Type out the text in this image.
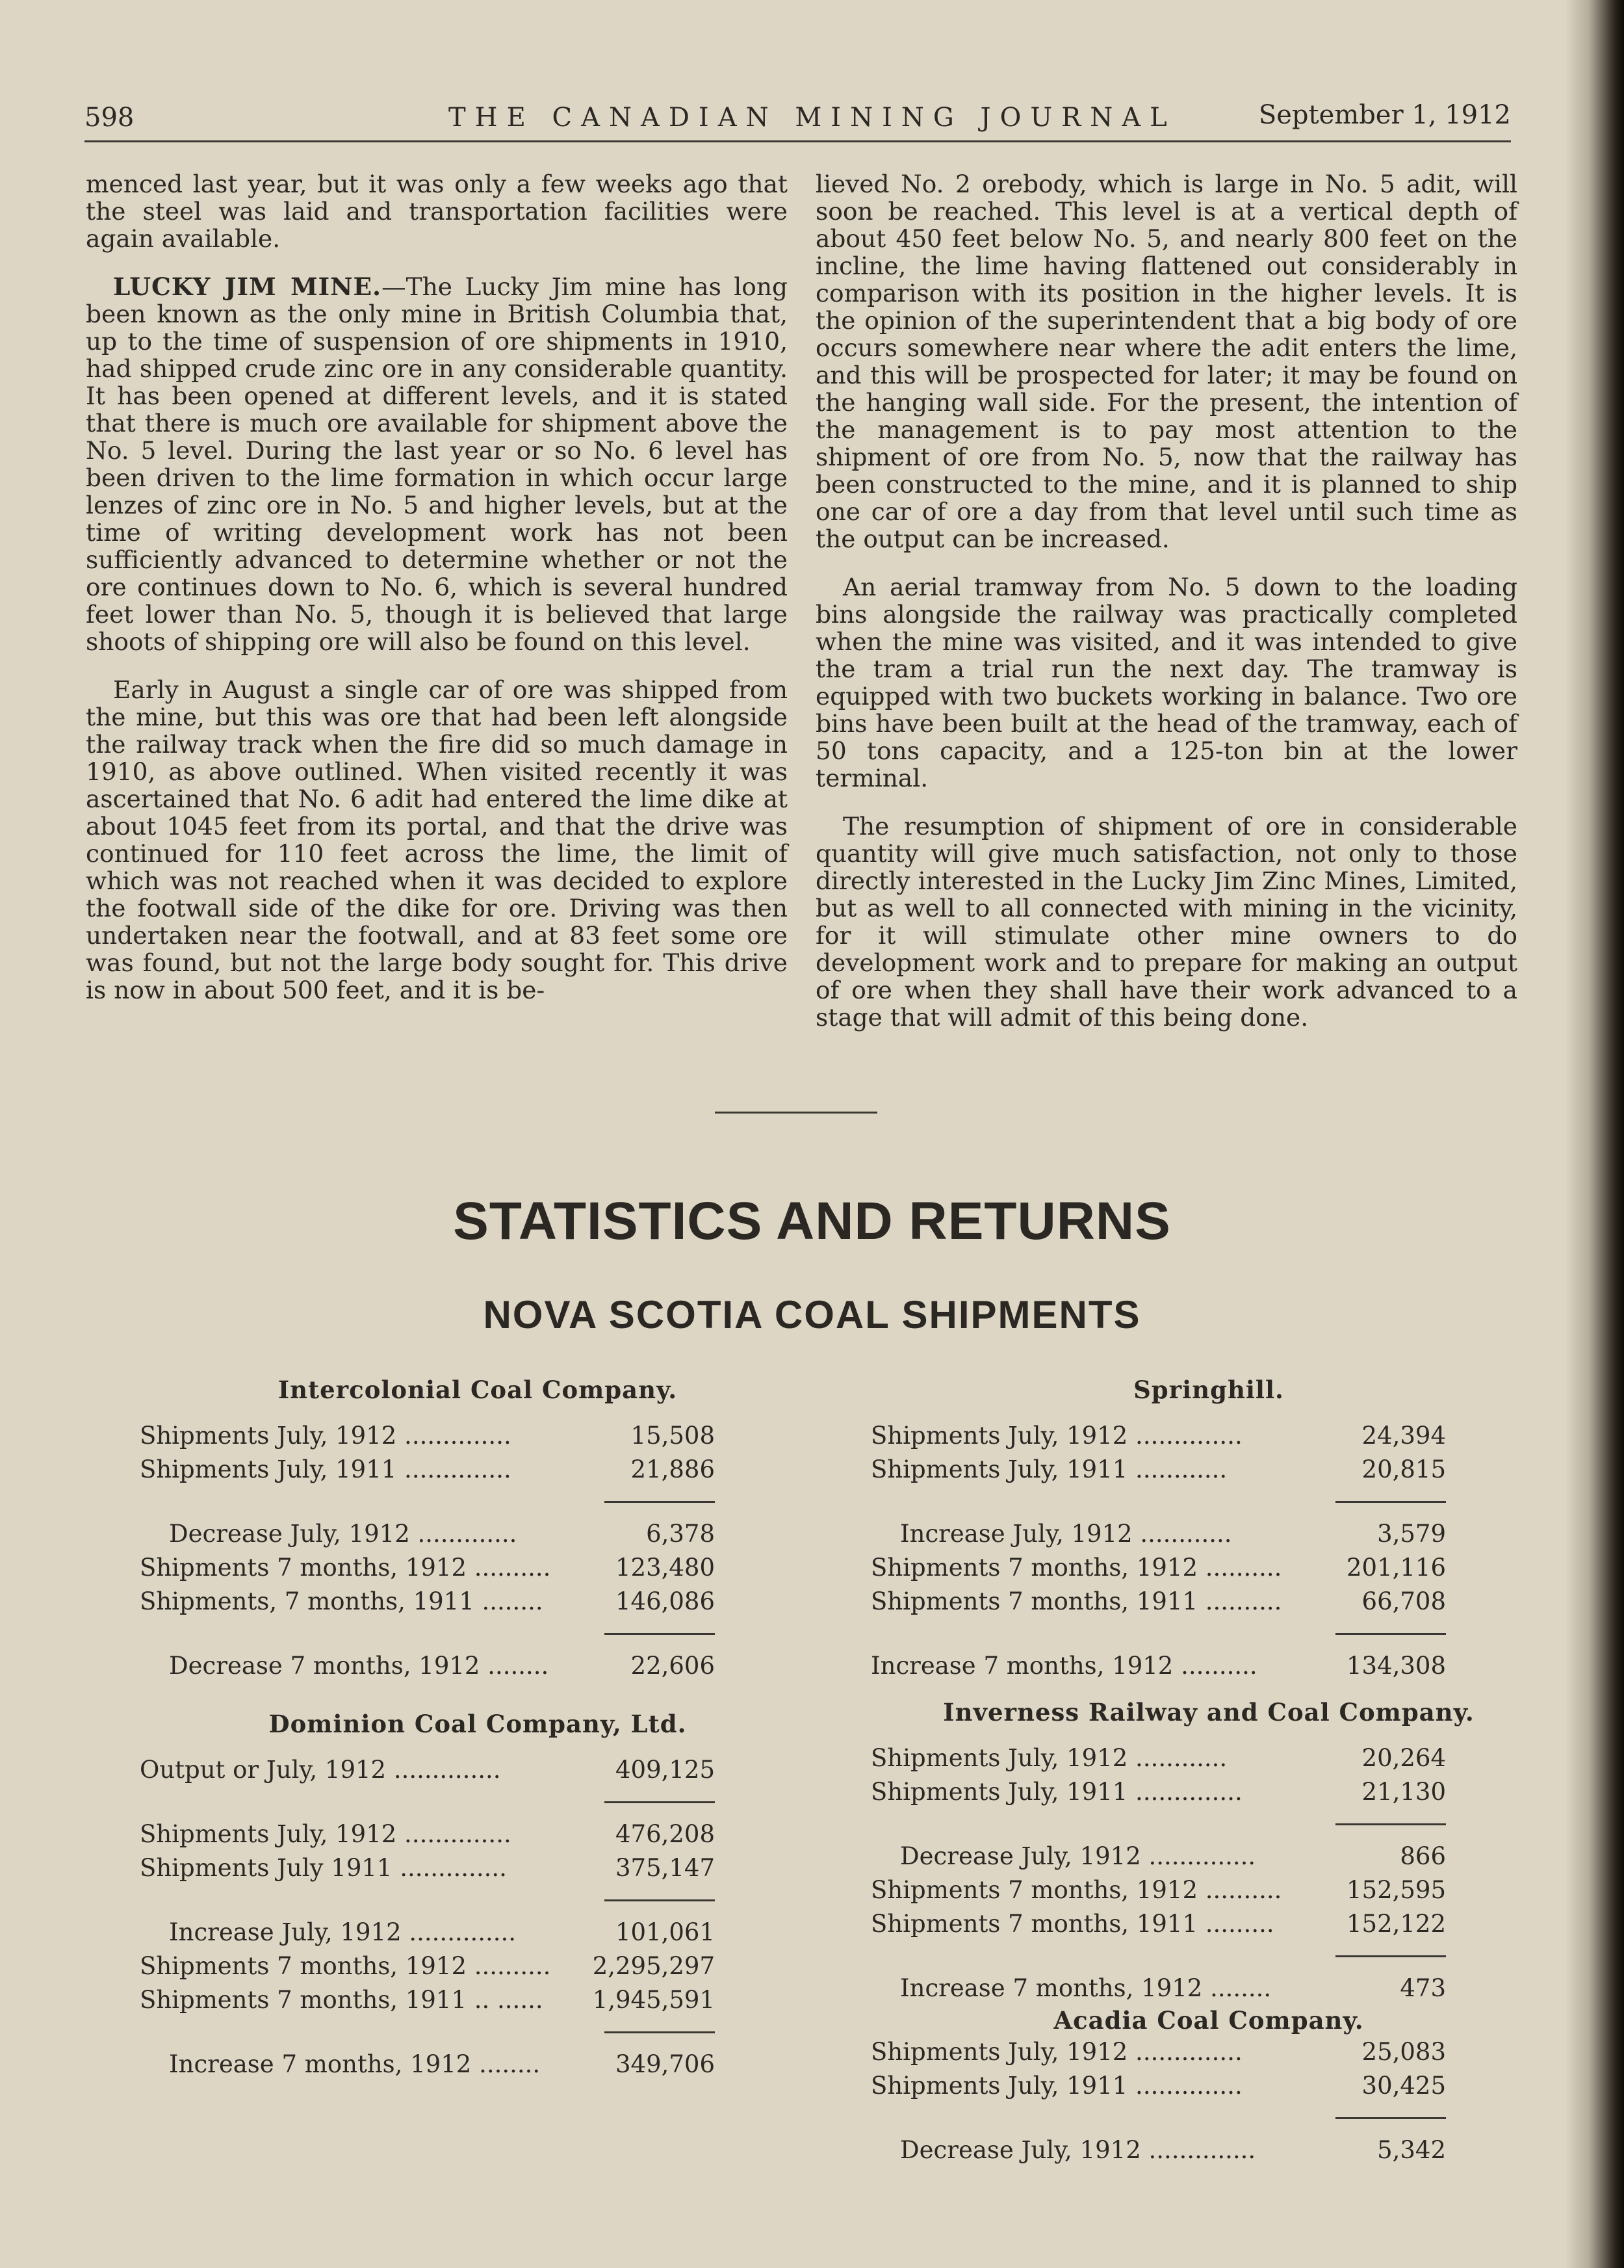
598	THE CANADIAN MINING JOURNAL	September 1, 1912

menced last year, but it was only a few weeks ago that the steel was laid and transportation facilities were again available.

LUCKY JIM MINE.—The Lucky Jim mine has long been known as the only mine in British Columbia that, up to the time of suspension of ore shipments in 1910, had shipped crude zinc ore in any considerable quantity. It has been opened at different levels, and it is stated that there is much ore available for shipment above the No. 5 level. During the last year or so No. 6 level has been driven to the lime formation in which occur large lenzes of zinc ore in No. 5 and higher levels, but at the time of writing development work has not been sufficiently advanced to determine whether or not the ore continues down to No. 6, which is several hundred feet lower than No. 5, though it is believed that large shoots of shipping ore will also be found on this level.

Early in August a single car of ore was shipped from the mine, but this was ore that had been left alongside the railway track when the fire did so much damage in 1910, as above outlined. When visited recently it was ascertained that No. 6 adit had entered the lime dike at about 1045 feet from its portal, and that the drive was continued for 110 feet across the lime, the limit of which was not reached when it was decided to explore the footwall side of the dike for ore. Driving was then undertaken near the footwall, and at 83 feet some ore was found, but not the large body sought for. This drive is now in about 500 feet, and it is be-

lieved No. 2 orebody, which is large in No. 5 adit, will soon be reached. This level is at a vertical depth of about 450 feet below No. 5, and nearly 800 feet on the incline, the lime having flattened out considerably in comparison with its position in the higher levels. It is the opinion of the superintendent that a big body of ore occurs somewhere near where the adit enters the lime, and this will be prospected for later; it may be found on the hanging wall side. For the present, the intention of the management is to pay most attention to the shipment of ore from No. 5, now that the railway has been constructed to the mine, and it is planned to ship one car of ore a day from that level until such time as the output can be increased.

An aerial tramway from No. 5 down to the loading bins alongside the railway was practically completed when the mine was visited, and it was intended to give the tram a trial run the next day. The tramway is equipped with two buckets working in balance. Two ore bins have been built at the head of the tramway, each of 50 tons capacity, and a 125-ton bin at the lower terminal.

The resumption of shipment of ore in considerable quantity will give much satisfaction, not only to those directly interested in the Lucky Jim Zinc Mines, Limited, but as well to all connected with mining in the vicinity, for it will stimulate other mine owners to do development work and to prepare for making an output of ore when they shall have their work advanced to a stage that will admit of this being done.

STATISTICS AND RETURNS
NOVA SCOTIA COAL SHIPMENTS
Intercolonial Coal Company.
Shipments July, 1912 ..............	15,508
Shipments July, 1911 ..............	21,886
Decrease July, 1912 .............	6,378
Shipments 7 months, 1912 ..........	123,480
Shipments, 7 months, 1911 ........	146,086
Decrease 7 months, 1912 ........	22,606
Dominion Coal Company, Ltd.
Output or July, 1912 ..............	409,125
Shipments July, 1912 ..............	476,208
Shipments July 1911 ..............	375,147
Increase July, 1912 ..............	101,061
Shipments 7 months, 1912 .......... 2,295,297
Shipments 7 months, 1911 .. ...... 1,945,591
Increase 7 months, 1912 ........	349,706
Springhill.
Shipments July, 1912 ..............	24,394
Shipments July, 1911 ............	20,815
Increase July, 1912 ............	3,579
Shipments 7 months, 1912 ..........	201,116
Shipments 7 months, 1911 ..........	66,708
Increase 7 months, 1912 ..........	134,308
Inverness Railway and Coal Company.
Shipments July, 1912 ............	20,264
Shipments July, 1911 ..............	21,130
Decrease July, 1912 ..............	866
Shipments 7 months, 1912 ..........	152,595
Shipments 7 months, 1911 .........	152,122
Increase 7 months, 1912 ........	473
Acadia Coal Company.
Shipments July, 1912 ..............	25,083
Shipments July, 1911 ..............	30,425
Decrease July, 1912 ..............	5,342
